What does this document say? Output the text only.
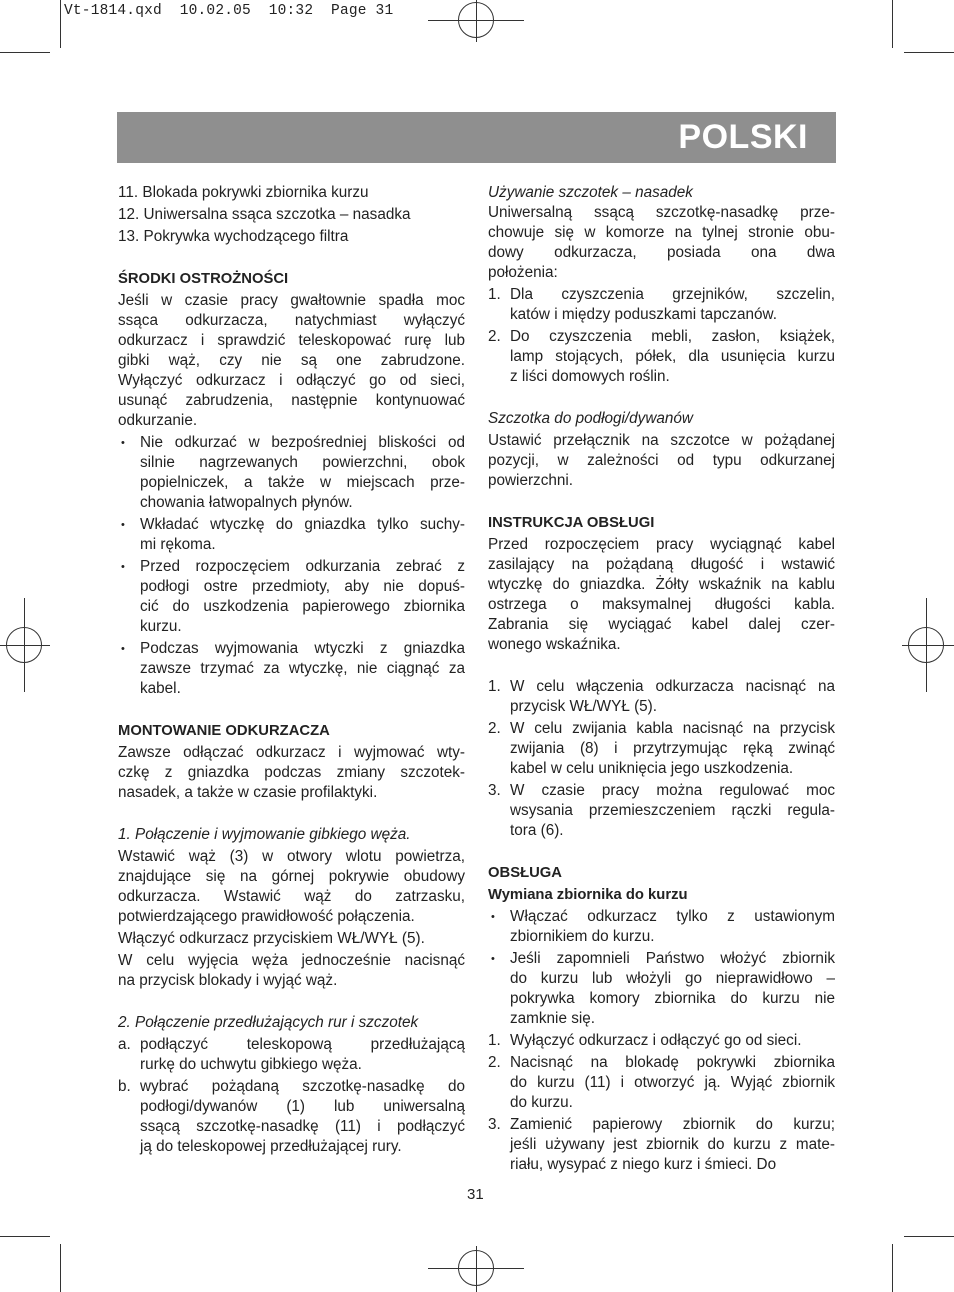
Vt-1814.qxd  10.02.05  10:32  Page 31
POLSKI
11. Blokada pokrywki zbiornika kurzu
12. Uniwersalna ssąca szczotka – nasadka
13. Pokrywka wychodzącego filtra
ŚRODKI OSTROŻNOŚCI
Jeśli w czasie pracy gwałtownie spadła moc
ssąca odkurzacza, natychmiast wyłączyć
odkurzacz i sprawdzić teleskopować rurę lub
gibki wąż, czy nie są one zabrudzone.
Wyłączyć odkurzacz i odłączyć go od sieci,
usunąć zabrudzenia, następnie kontynuować
odkurzanie.
• Nie odkurzać w bezpośredniej bliskości od
silnie nagrzewanych powierzchni, obok
popielniczek, a także w miejscach prze-
chowania łatwopalnych płynów.
• Wkładać wtyczkę do gniazdka tylko suchy-
mi rękoma.
• Przed rozpoczęciem odkurzania zebrać z
podłogi ostre przedmioty, aby nie dopuś-
cić do uszkodzenia papierowego zbiornika
kurzu.
• Podczas wyjmowania wtyczki z gniazdka
zawsze trzymać za wtyczkę, nie ciągnąć za
kabel.
MONTOWANIE ODKURZACZA
Zawsze odłączać odkurzacz i wyjmować wty-
czkę z gniazdka podczas zmiany szczotek-
nasadek, a także w czasie profilaktyki.
1. Połączenie i wyjmowanie gibkiego węża.
Wstawić wąż (3) w otwory wlotu powietrza,
znajdujące się na górnej pokrywie obudowy
odkurzacza. Wstawić wąż do zatrzasku,
potwierdzającego prawidłowość połączenia.
Włączyć odkurzacz przyciskiem WŁ/WYŁ (5).
W celu wyjęcia węża jednocześnie nacisnąć
na przycisk blokady i wyjąć wąż.
2. Połączenie przedłużających rur i szczotek
a. podłączyć teleskopową przedłużającą
rurkę do uchwytu gibkiego węża.
b. wybrać pożądaną szczotkę-nasadkę do
podłogi/dywanów (1) lub uniwersalną
ssącą szczotkę-nasadkę (11) i podłączyć
ją do teleskopowej przedłużającej rury.
Używanie szczotek – nasadek
Uniwersalną ssącą szczotkę-nasadkę prze-
chowuje się w komorze na tylnej stronie obu-
dowy odkurzacza, posiada ona dwa
położenia:
1. Dla czyszczenia grzejników, szczelin,
katów i między poduszkami tapczanów.
2. Do czyszczenia mebli, zasłon, książek,
lamp stojących, półek, dla usunięcia kurzu
z liści domowych roślin.
Szczotka do podłogi/dywanów
Ustawić przełącznik na szczotce w pożądanej
pozycji, w zależności od typu odkurzanej
powierzchni.
INSTRUKCJA OBSŁUGI
Przed rozpoczęciem pracy wyciągnąć kabel
zasilający na pożądaną długość i wstawić
wtyczkę do gniazdka. Żółty wskaźnik na kablu
ostrzega o maksymalnej długości kabla.
Zabrania się wyciągać kabel dalej czer-
wonego wskaźnika.
1. W celu włączenia odkurzacza nacisnąć na
przycisk WŁ/WYŁ (5).
2. W celu zwijania kabla nacisnąć na przycisk
zwijania (8) i przytrzymując ręką zwinąć
kabel w celu uniknięcia jego uszkodzenia.
3. W czasie pracy można regulować moc
wsysania przemieszczeniem rączki regula-
tora (6).
OBSŁUGA
Wymiana zbiornika do kurzu
• Włączać odkurzacz tylko z ustawionym
zbiornikiem do kurzu.
• Jeśli zapomnieli Państwo włożyć zbiornik
do kurzu lub włożyli go nieprawidłowo –
pokrywka komory zbiornika do kurzu nie
zamknie się.
1. Wyłączyć odkurzacz i odłączyć go od sieci.
2. Nacisnąć na blokadę pokrywki zbiornika
do kurzu (11) i otworzyć ją. Wyjąć zbiornik
do kurzu.
3. Zamienić papierowy zbiornik do kurzu;
jeśli używany jest zbiornik do kurzu z mate-
riału, wysypać z niego kurz i śmieci. Do
31
